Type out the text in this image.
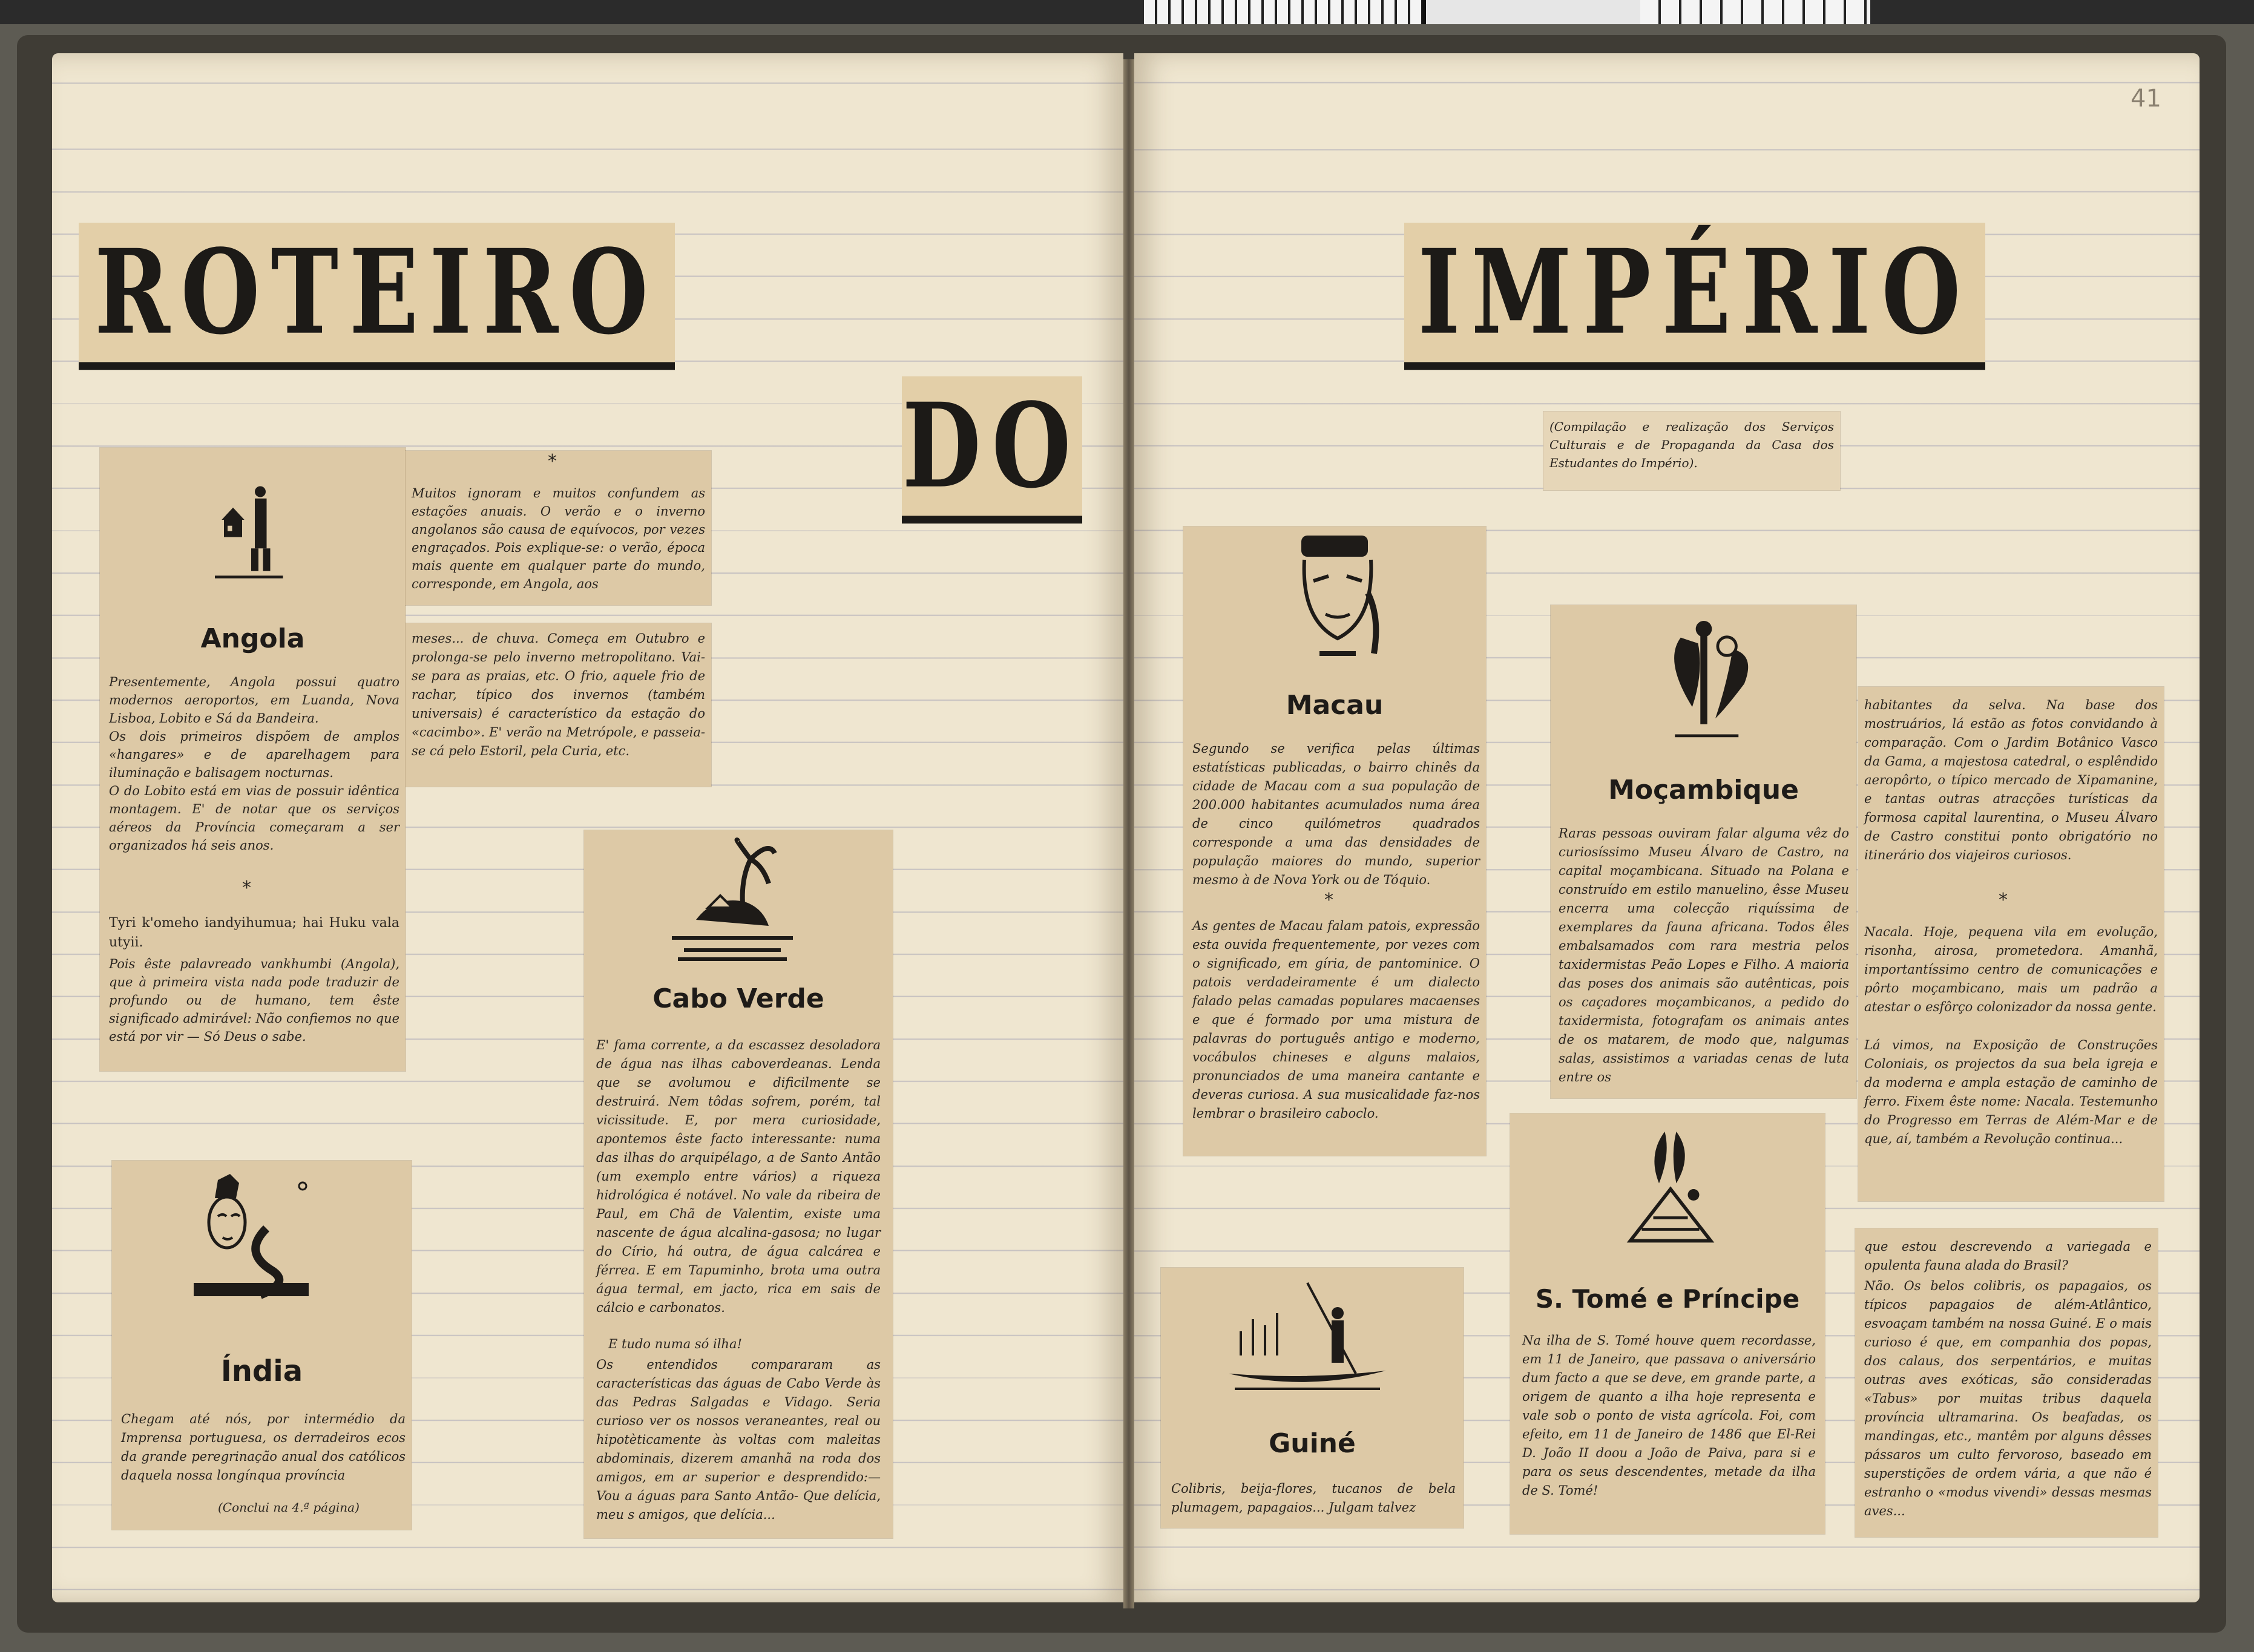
41
ROTEIRO
DO
IMPÉRIO

(Compilação e realização dos Serviços Culturais e de Propaganda da Casa dos Estudantes do Império).

Angola

Presentemente, Angola possui quatro modernos aeroportos, em Luanda, Nova Lisboa, Lobito e Sá da Bandeira.

Os dois primeiros dispõem de amplos «hangares» e de aparelhagem para iluminação e balisagem nocturnas.

O do Lobito está em vias de possuir idêntica montagem. E' de notar que os serviços aéreos da Província começaram a ser organizados há seis anos.

*

Tyri k'omeho iandyihumua; hai Huku vala utyii.

Pois êste palavreado vankhumbi (Angola), que à primeira vista nada pode traduzir de profundo ou de humano, tem êste significado admirável: Não confiemos no que está por vir — Só Deus o sabe.

*

Muitos ignoram e muitos confundem as estações anuais. O verão e o inverno angolanos são causa de equívocos, por vezes engraçados. Pois explique-se: o verão, época mais quente em qualquer parte do mundo, corresponde, em Angola, aos

meses... de chuva. Começa em Outubro e prolonga-se pelo inverno metropolitano. Vai-se para as praias, etc. O frio, aquele frio de rachar, típico dos invernos (também universais) é característico da estação do «cacimbo». E' verão na Metrópole, e passeia-se cá pelo Estoril, pela Curia, etc.

Índia

Chegam até nós, por intermédio da Imprensa portuguesa, os derradeiros ecos da grande peregrinação anual dos católicos daquela nossa longínqua província

(Conclui na 4.ª página)

Cabo Verde

E' fama corrente, a da escassez desoladora de água nas ilhas caboverdeanas. Lenda que se avolumou e dificilmente se destruirá. Nem tôdas sofrem, porém, tal vicissitude. E, por mera curiosidade, apontemos êste facto interessante: numa das ilhas do arquipélago, a de Santo Antão (um exemplo entre vários) a riqueza hidrológica é notável. No vale da ribeira de Paul, em Chã de Valentim, existe uma nascente de água alcalina-gasosa; no lugar do Círio, há outra, de água calcárea e férrea. E em Tapuminho, brota uma outra água termal, em jacto, rica em sais de cálcio e carbonatos.

E tudo numa só ilha!

Os entendidos compararam as características das águas de Cabo Verde às das Pedras Salgadas e Vidago. Seria curioso ver os nossos veraneantes, real ou hipotèticamente às voltas com maleitas abdominais, dizerem amanhã na roda dos amigos, em ar superior e desprendido:— Vou a águas para Santo Antão- Que delícia, meu s amigos, que delícia...

Macau

Segundo se verifica pelas últimas estatísticas publicadas, o bairro chinês da cidade de Macau com a sua população de 200.000 habitantes acumulados numa área de cinco quilómetros quadrados corresponde a uma das densidades de população maiores do mundo, superior mesmo à de Nova York ou de Tóquio.

*

As gentes de Macau falam patois, expressão esta ouvida frequentemente, por vezes com o significado, em gíria, de pantominice. O patois verdadeiramente é um dialecto falado pelas camadas populares macaenses e que é formado por uma mistura de palavras do português antigo e moderno, vocábulos chineses e alguns malaios, pronunciados de uma maneira cantante e deveras curiosa. A sua musicalidade faz-nos lembrar o brasileiro caboclo.

Moçambique

Raras pessoas ouviram falar alguma vêz do curiosíssimo Museu Álvaro de Castro, na capital moçambicana. Situado na Polana e construído em estilo manuelino, êsse Museu encerra uma colecção riquíssima de exemplares da fauna africana. Todos êles embalsamados com rara mestria pelos taxidermistas Peão Lopes e Filho. A maioria das poses dos animais são autênticas, pois os caçadores moçambicanos, a pedido do taxidermista, fotografam os animais antes de os matarem, de modo que, nalgumas salas, assistimos a variadas cenas de luta entre os

habitantes da selva. Na base dos mostruários, lá estão as fotos convidando à comparação. Com o Jardim Botânico Vasco da Gama, a majestosa catedral, o esplêndido aeropôrto, o típico mercado de Xipamanine, e tantas outras atracções turísticas da formosa capital laurentina, o Museu Álvaro de Castro constitui ponto obrigatório no itinerário dos viajeiros curiosos.

*

Nacala. Hoje, pequena vila em evolução, risonha, airosa, prometedora. Amanhã, importantíssimo centro de comunicações e pôrto moçambicano, mais um padrão a atestar o esfôrço colonizador da nossa gente.

Lá vimos, na Exposição de Construções Coloniais, os projectos da sua bela igreja e da moderna e ampla estação de caminho de ferro. Fixem êste nome: Nacala. Testemunho do Progresso em Terras de Além-Mar e de que, aí, também a Revolução continua...

S. Tomé e Príncipe

Na ilha de S. Tomé houve quem recordasse, em 11 de Janeiro, que passava o aniversário dum facto a que se deve, em grande parte, a origem de quanto a ilha hoje representa e vale sob o ponto de vista agrícola. Foi, com efeito, em 11 de Janeiro de 1486 que El-Rei D. João II doou a João de Paiva, para si e para os seus descendentes, metade da ilha de S. Tomé!

Guiné

Colibris, beija-flores, tucanos de bela plumagem, papagaios... Julgam talvez

que estou descrevendo a variegada e opulenta fauna alada do Brasil?

Não. Os belos colibris, os papagaios, os típicos papagaios de além-Atlântico, esvoaçam também na nossa Guiné. E o mais curioso é que, em companhia dos popas, dos calaus, dos serpentários, e muitas outras aves exóticas, são consideradas «Tabus» por muitas tribus daquela província ultramarina. Os beafadas, os mandingas, etc., mantêm por alguns dêsses pássaros um culto fervoroso, baseado em superstições de ordem vária, a que não é estranho o «modus vivendi» dessas mesmas aves...
